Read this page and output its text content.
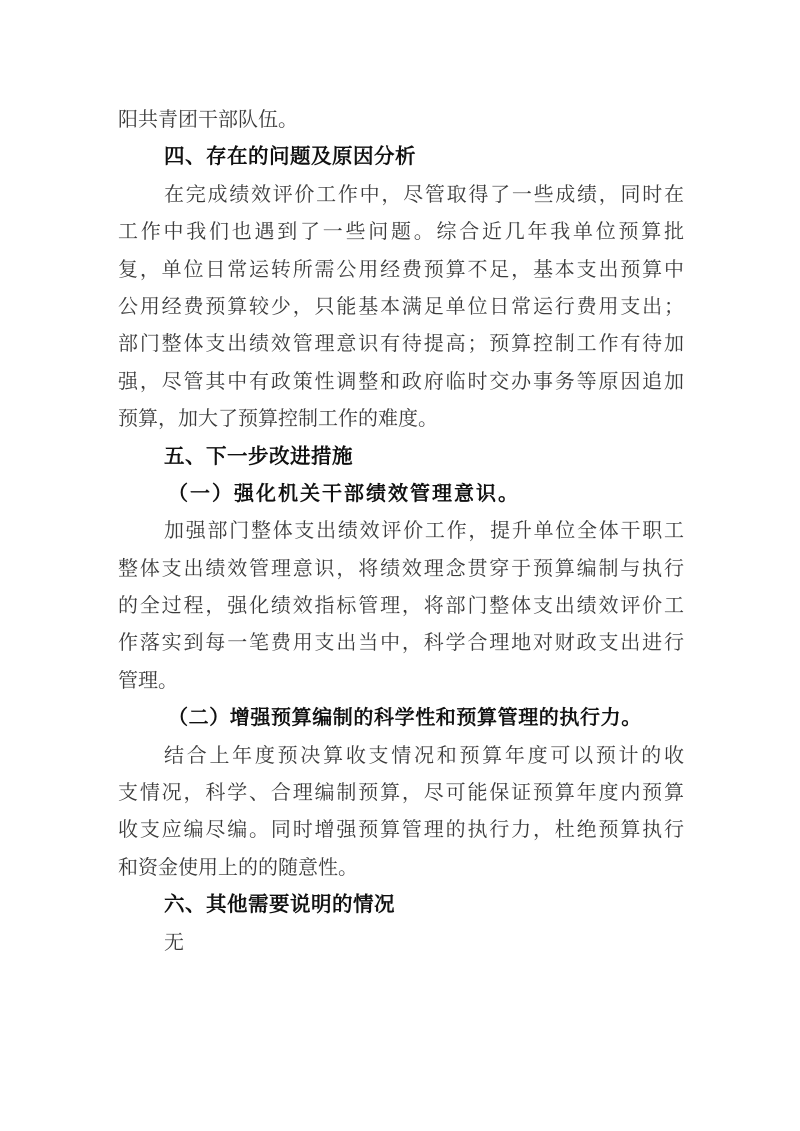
阳共青团干部队伍。
四、存在的问题及原因分析
在完成绩效评价工作中，尽管取得了一些成绩，同时在
工作中我们也遇到了一些问题。综合近几年我单位预算批
复，单位日常运转所需公用经费预算不足，基本支出预算中
公用经费预算较少，只能基本满足单位日常运行费用支出；
部门整体支出绩效管理意识有待提高；预算控制工作有待加
强，尽管其中有政策性调整和政府临时交办事务等原因追加
预算，加大了预算控制工作的难度。
五、下一步改进措施
（一）强化机关干部绩效管理意识。
加强部门整体支出绩效评价工作，提升单位全体干职工
整体支出绩效管理意识，将绩效理念贯穿于预算编制与执行
的全过程，强化绩效指标管理，将部门整体支出绩效评价工
作落实到每一笔费用支出当中，科学合理地对财政支出进行
管理。
（二）增强预算编制的科学性和预算管理的执行力。
结合上年度预决算收支情况和预算年度可以预计的收
支情况，科学、合理编制预算，尽可能保证预算年度内预算
收支应编尽编。同时增强预算管理的执行力，杜绝预算执行
和资金使用上的的随意性。
六、其他需要说明的情况
无
